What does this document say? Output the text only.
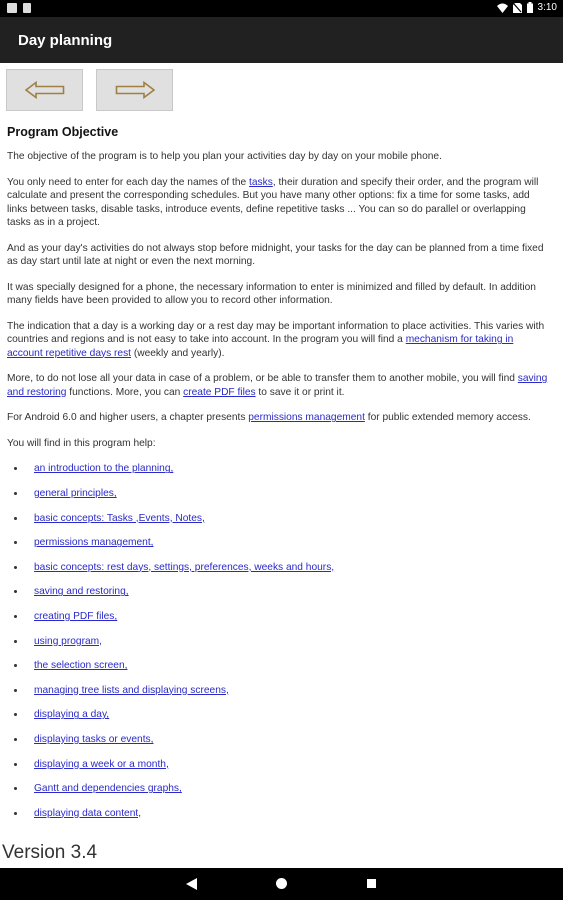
3:10
Day planning
Program Objective

The objective of the program is to help you plan your activities day by day on your mobile phone.

You only need to enter for each day the names of the tasks, their duration and specify their order, and the program will calculate and present the corresponding schedules. But you have many other options: fix a time for some tasks, add links between tasks, disable tasks, introduce events, define repetitive tasks ... You can so do parallel or overlapping tasks as in a project.

And as your day's activities do not always stop before midnight, your tasks for the day can be planned from a time fixed as day start until late at night or even the next morning.

It was specially designed for a phone, the necessary information to enter is minimized and filled by default. In addition many fields have been provided to allow you to record other information.

The indication that a day is a working day or a rest day may be important information to place activities. This varies with countries and regions and is not easy to take into account. In the program you will find a mechanism for taking in account repetitive days rest (weekly and yearly).

More, to do not lose all your data in case of a problem, or be able to transfer them to another mobile, you will find saving and restoring functions. More, you can create PDF files to save it or print it.

For Android 6.0 and higher users, a chapter presents permissions management for public extended memory access.

You will find in this program help:

• an introduction to the planning,
• general principles,
• basic concepts: Tasks ,Events, Notes,
• permissions management,
• basic concepts: rest days, settings, preferences, weeks and hours,
• saving and restoring,
• creating PDF files,
• using program,
• the selection screen,
• managing tree lists and displaying screens,
• displaying a day,
• displaying tasks or events,
• displaying a week or a month,
• Gantt and dependencies graphs,
• displaying data content,
Version 3.4
